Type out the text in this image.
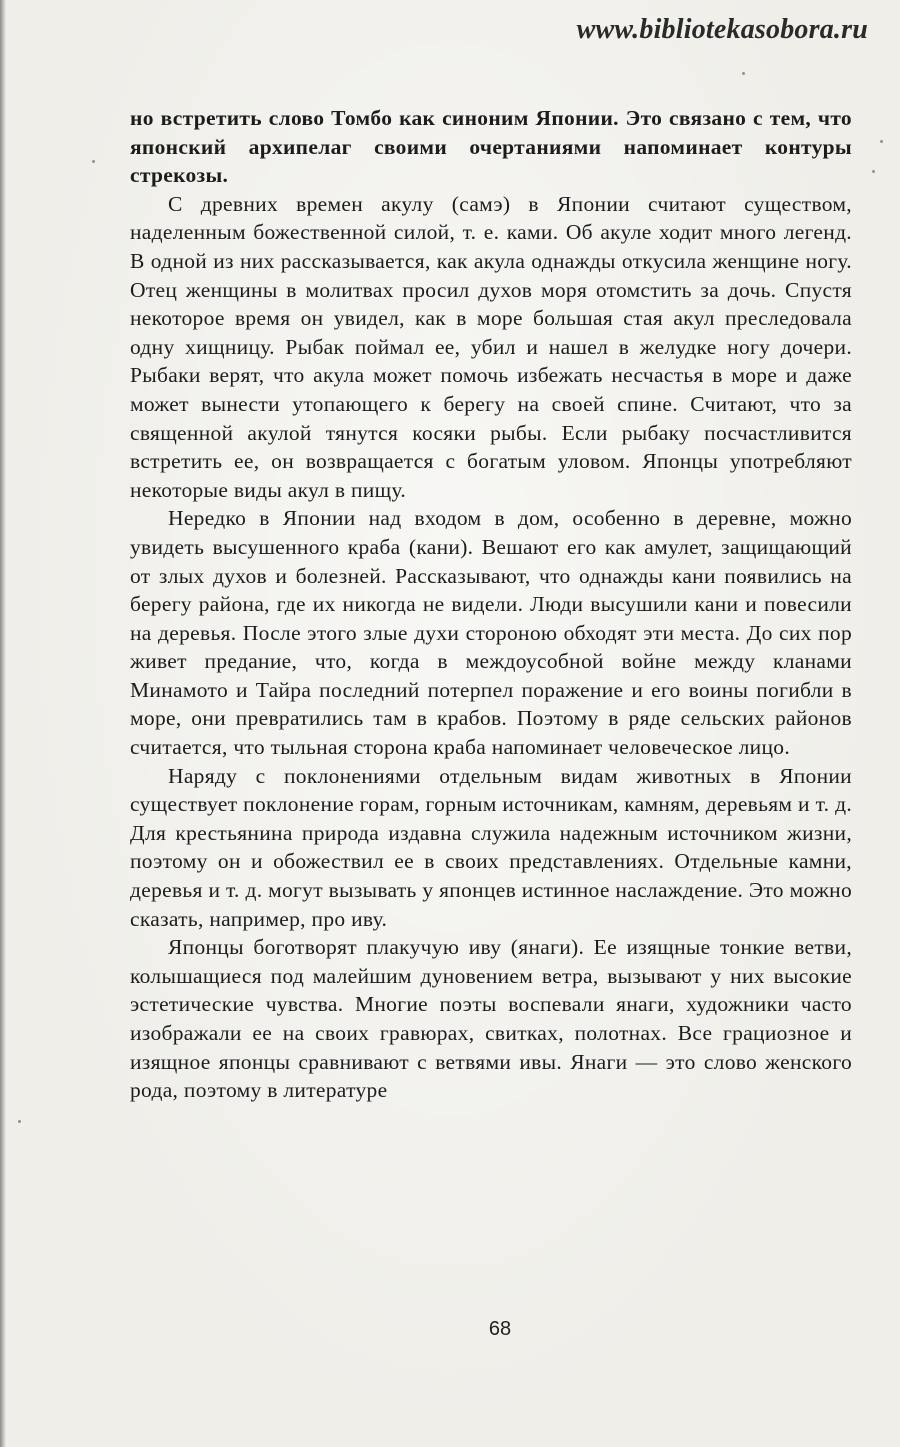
www.bibliotekasobora.ru

но встретить слово Томбо как синоним Японии. Это связано с тем, что японский архипелаг своими очертаниями напоминает контуры стрекозы.

С древних времен акулу (самэ) в Японии считают существом, наделенным божественной силой, т. е. ками. Об акуле ходит много легенд. В одной из них рассказывается, как акула однажды откусила женщине ногу. Отец женщины в молитвах просил духов моря отомстить за дочь. Спустя некоторое время он увидел, как в море большая стая акул преследовала одну хищницу. Рыбак поймал ее, убил и нашел в желудке ногу дочери. Рыбаки верят, что акула может помочь избежать несчастья в море и даже может вынести утопающего к берегу на своей спине. Считают, что за священной акулой тянутся косяки рыбы. Если рыбаку посчастливится встретить ее, он возвращается с богатым уловом. Японцы употребляют некоторые виды акул в пищу.

Нередко в Японии над входом в дом, особенно в деревне, можно увидеть высушенного краба (кани). Вешают его как амулет, защищающий от злых духов и болезней. Рассказывают, что однажды кани появились на берегу района, где их никогда не видели. Люди высушили кани и повесили на деревья. После этого злые духи стороною обходят эти места. До сих пор живет предание, что, когда в междоусобной войне между кланами Минамото и Тайра последний потерпел поражение и его воины погибли в море, они превратились там в крабов. Поэтому в ряде сельских районов считается, что тыльная сторона краба напоминает человеческое лицо.

Наряду с поклонениями отдельным видам животных в Японии существует поклонение горам, горным источникам, камням, деревьям и т. д. Для крестьянина природа издавна служила надежным источником жизни, поэтому он и обожествил ее в своих представлениях. Отдельные камни, деревья и т. д. могут вызывать у японцев истинное наслаждение. Это можно сказать, например, про иву.

Японцы боготворят плакучую иву (янаги). Ее изящные тонкие ветви, колышащиеся под малейшим дуновением ветра, вызывают у них высокие эстетические чувства. Многие поэты воспевали янаги, художники часто изображали ее на своих гравюрах, свитках, полотнах. Все грациозное и изящное японцы сравнивают с ветвями ивы. Янаги — это слово женского рода, поэтому в литературе

68
